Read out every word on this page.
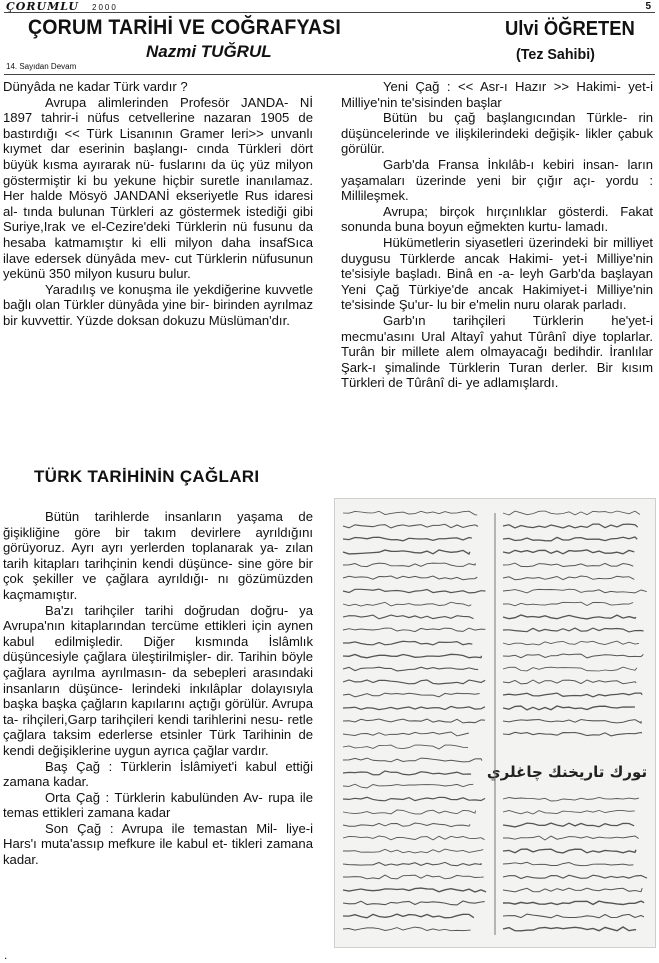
ÇORUMLU 2000	5
ÇORUM TARİHİ VE COĞRAFYASI
Nazmi TUĞRUL
Ulvi ÖĞRETEN
(Tez Sahibi)
14. Sayıdan Devam

Dünyâda ne kadar Türk vardır ?

Avrupa alimlerinden Profesör JANDA- Nİ 1897 tahrir-i nüfus cetvellerine nazaran 1905 de bastırdığı << Türk Lisanının Gramer leri>> unvanlı kıymet dar eserinin başlangı- cında Türkleri dört büyük kısma ayırarak nü- fuslarını da üç yüz milyon göstermiştir ki bu yekune hiçbir suretle inanılamaz. Her halde Mösyö JANDANİ ekseriyetle Rus idaresi al- tında bulunan Türkleri az göstermek istediği gibi Suriye,Irak ve el-Cezire'deki Türklerin nü fusunu da hesaba katmamıştır ki elli milyon daha insafSıca ilave edersek dünyâda mev- cut Türklerin nüfusunun yekünü 350 milyon kusuru bulur.

Yaradılış ve konuşma ile yekdiğerine kuvvetle bağlı olan Türkler dünyâda yine bir- birinden ayrılmaz bir kuvvettir. Yüzde doksan dokuzu Müslüman'dır.

Yeni Çağ : << Asr-ı Hazır >> Hakimi- yet-i Milliye'nin te'sisinden başlar

Bütün bu çağ başlangıcından Türkle- rin düşüncelerinde ve ilişkilerindeki değişik- likler çabuk görülür.

Garb'da Fransa İnkılâb-ı kebiri insan- ların yaşamaları üzerinde yeni bir çığır açı- yordu : Millileşmek.

Avrupa; birçok hırçınlıklar gösterdi. Fakat sonunda buna boyun eğmekten kurtu- lamadı.

Hükümetlerin siyasetleri üzerindeki bir milliyet duygusu Türklerde ancak Hakimi- yet-i Milliye'nin te'sisiyle başladı. Binâ en -a- leyh Garb'da başlayan Yeni Çağ Türkiye'de ancak Hakimiyet-i Milliye'nin te'sisinde Şu'ur- lu bir e'melin nuru olarak parladı.

Garb'ın tarihçileri Türklerin he'yet-i mecmu'asını Ural Altayî yahut Tûrânî diye toplarlar. Turân bir millete alem olmayacağı bedihdir. İranlılar Şark-ı şimalinde Türklerin Turan derler. Bir kısım Türkleri de Tûrânî di- ye adlamışlardı.

TÜRK TARİHİNİN ÇAĞLARI

Bütün tarihlerde insanların yaşama de ğişikliğine göre bir takım devirlere ayrıldığını görüyoruz. Ayrı ayrı yerlerden toplanarak ya- zılan tarih kitapları tarihçinin kendi düşünce- sine göre bir çok şekiller ve çağlara ayrıldığı- nı gözümüzden kaçmamıştır.

Ba'zı tarihçiler tarihi doğrudan doğru- ya Avrupa'nın kitaplarından tercüme ettikleri için aynen kabul edilmişledir. Diğer kısmında İslâmlık düşüncesiyle çağlara üleştirilmişler- dir. Tarihin böyle çağlara ayrılma ayrılmasın- da sebepleri arasındaki insanların düşünce- lerindeki inkılâplar dolayısıyla başka başka çağların kapılarını açtığı görülür. Avrupa ta- rihçileri,Garp tarihçileri kendi tarihlerini nesu- retle çağlara taksim ederlerse etsinler Türk Tarihinin de kendi değişiklerine uygun ayrıca çağlar vardır.

Baş Çağ : Türklerin İslâmiyet'i kabul ettiği zamana kadar.

Orta Çağ : Türklerin kabulünden Av- rupa ile temas ettikleri zamana kadar

Son Çağ : Avrupa ile temastan Mil- liye-i Hars'ı muta'assıp mefkure ile kabul et- tikleri zamana kadar.

.
تورك تاريخنك چاغلري
